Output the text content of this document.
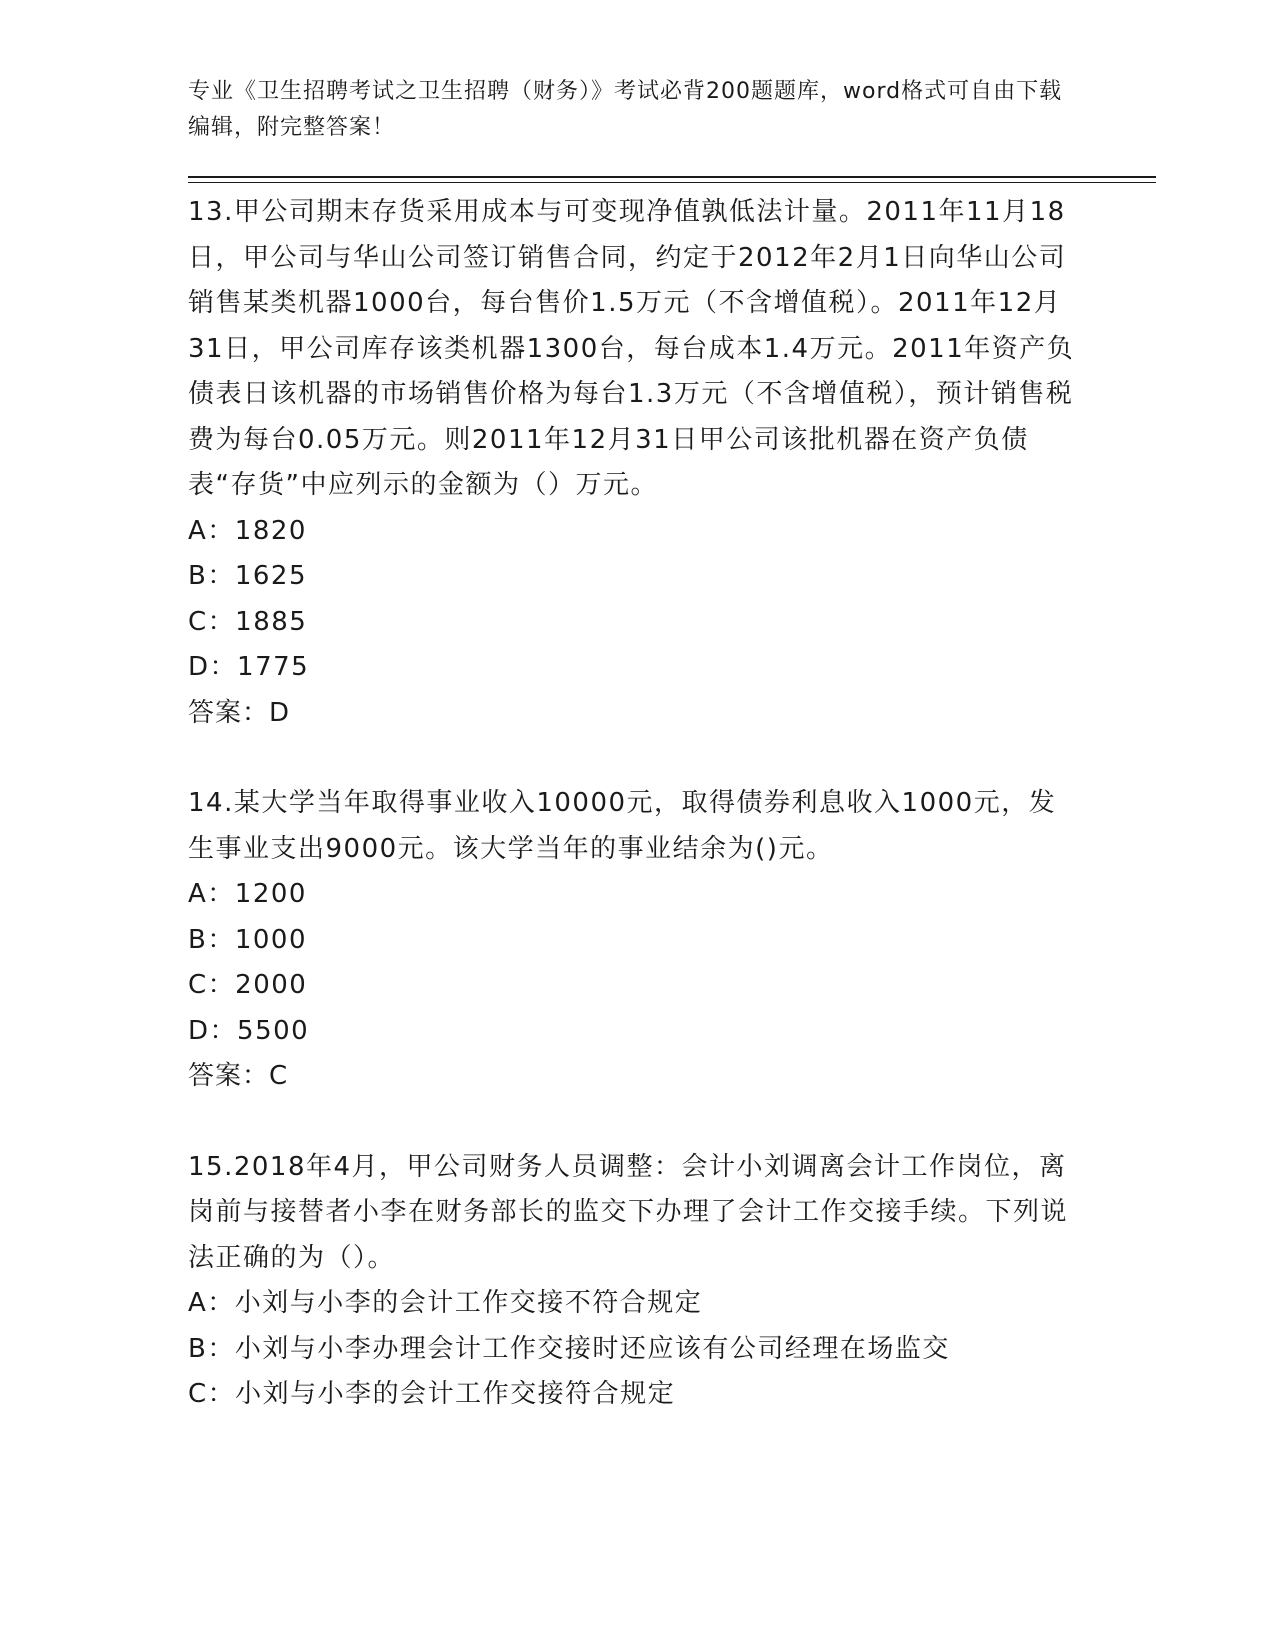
专业《卫生招聘考试之卫生招聘（财务）》考试必背200题题库，word格式可自由下载编辑，附完整答案！

13.甲公司期末存货采用成本与可变现净值孰低法计量。2011年11月18日，甲公司与华山公司签订销售合同，约定于2012年2月1日向华山公司销售某类机器1000台，每台售价1.5万元（不含增值税）。2011年12月31日，甲公司库存该类机器1300台，每台成本1.4万元。2011年资产负债表日该机器的市场销售价格为每台1.3万元（不含增值税），预计销售税费为每台0.05万元。则2011年12月31日甲公司该批机器在资产负债表“存货”中应列示的金额为（）万元。

A：1820

B：1625

C：1885

D：1775

答案：D

14.某大学当年取得事业收入10000元，取得债券利息收入1000元，发生事业支出9000元。该大学当年的事业结余为()元。

A：1200

B：1000

C：2000

D：5500

答案：C

15.2018年4月，甲公司财务人员调整：会计小刘调离会计工作岗位，离岗前与接替者小李在财务部长的监交下办理了会计工作交接手续。下列说法正确的为（）。

A：小刘与小李的会计工作交接不符合规定

B：小刘与小李办理会计工作交接时还应该有公司经理在场监交

C：小刘与小李的会计工作交接符合规定
